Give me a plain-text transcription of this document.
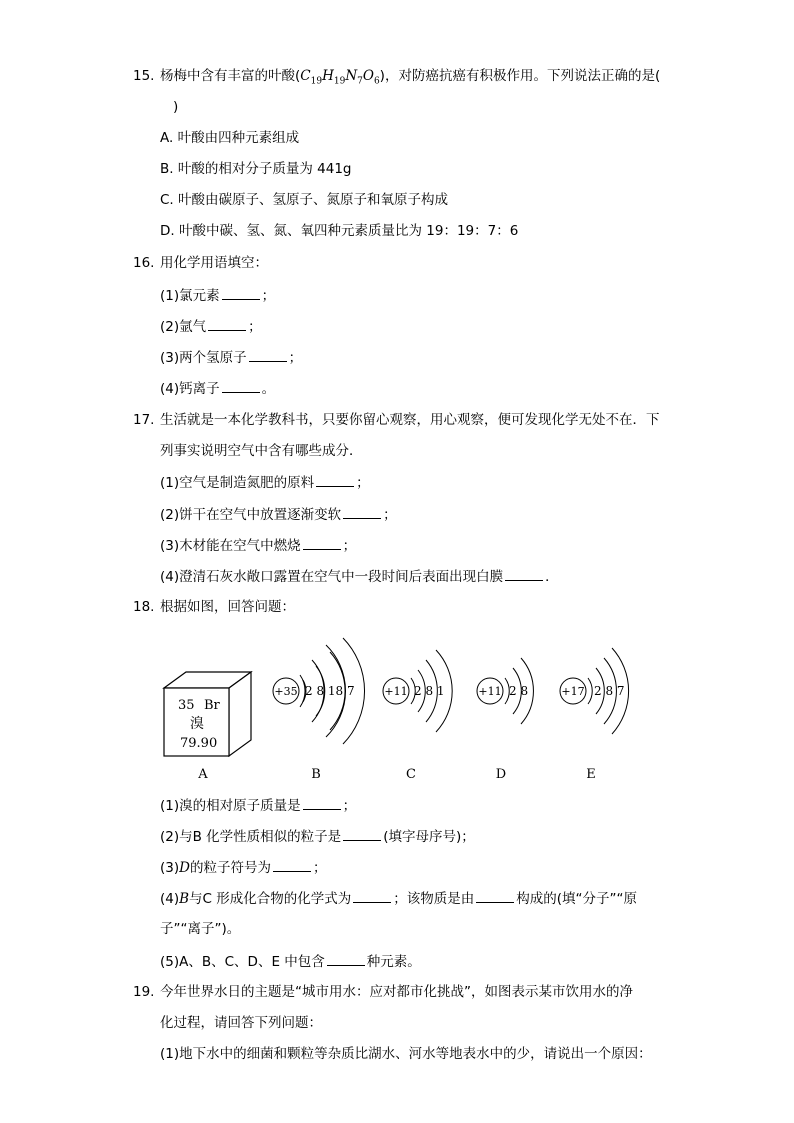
15. 杨梅中含有丰富的叶酸$(C_{19}H_{19}N_7O_6)$，对防癌抗癌有积极作用。下列说法正确的是(
)
A. 叶酸由四种元素组成
B. 叶酸的相对分子质量为 441g
C. 叶酸由碳原子、氢原子、氮原子和氧原子构成
D. 叶酸中碳、氢、氮、氧四种元素质量比为 19：19：7：6
16. 用化学用语填空：
(1)氯元素	；
(2)氩气	；
(3)两个氢原子	；
(4)钙离子	。
17. 生活就是一本化学教科书，只要你留心观察，用心观察，便可发现化学无处不在．下
列事实说明空气中含有哪些成分．
(1)空气是制造氮肥的原料	；
(2)饼干在空气中放置逐渐变软	；
(3)木材能在空气中燃烧	；
(4)澄清石灰水敞口露置在空气中一段时间后表面出现白膜	．
18. 根据如图，回答问题：
35 Br
溴
79.90
+35 2 8 18 7	+11 2 8 1	+11 2 8	+17 2 8 7
A	B	C	D	E
(1)溴的相对原子质量是	；
(2)与B 化学性质相似的粒子是	(填字母序号)；
(3)D的粒子符号为	；
(4)B与C 形成化合物的化学式为	；该物质是由	构成的(填“分子”“原
子”“离子”)。
(5)A、B、C、D、E 中包含	种元素。
19. 今年世界水日的主题是“城市用水：应对都市化挑战”，如图表示某市饮用水的净
化过程，请回答下列问题：
(1)地下水中的细菌和颗粒等杂质比湖水、河水等地表水中的少，请说出一个原因：
